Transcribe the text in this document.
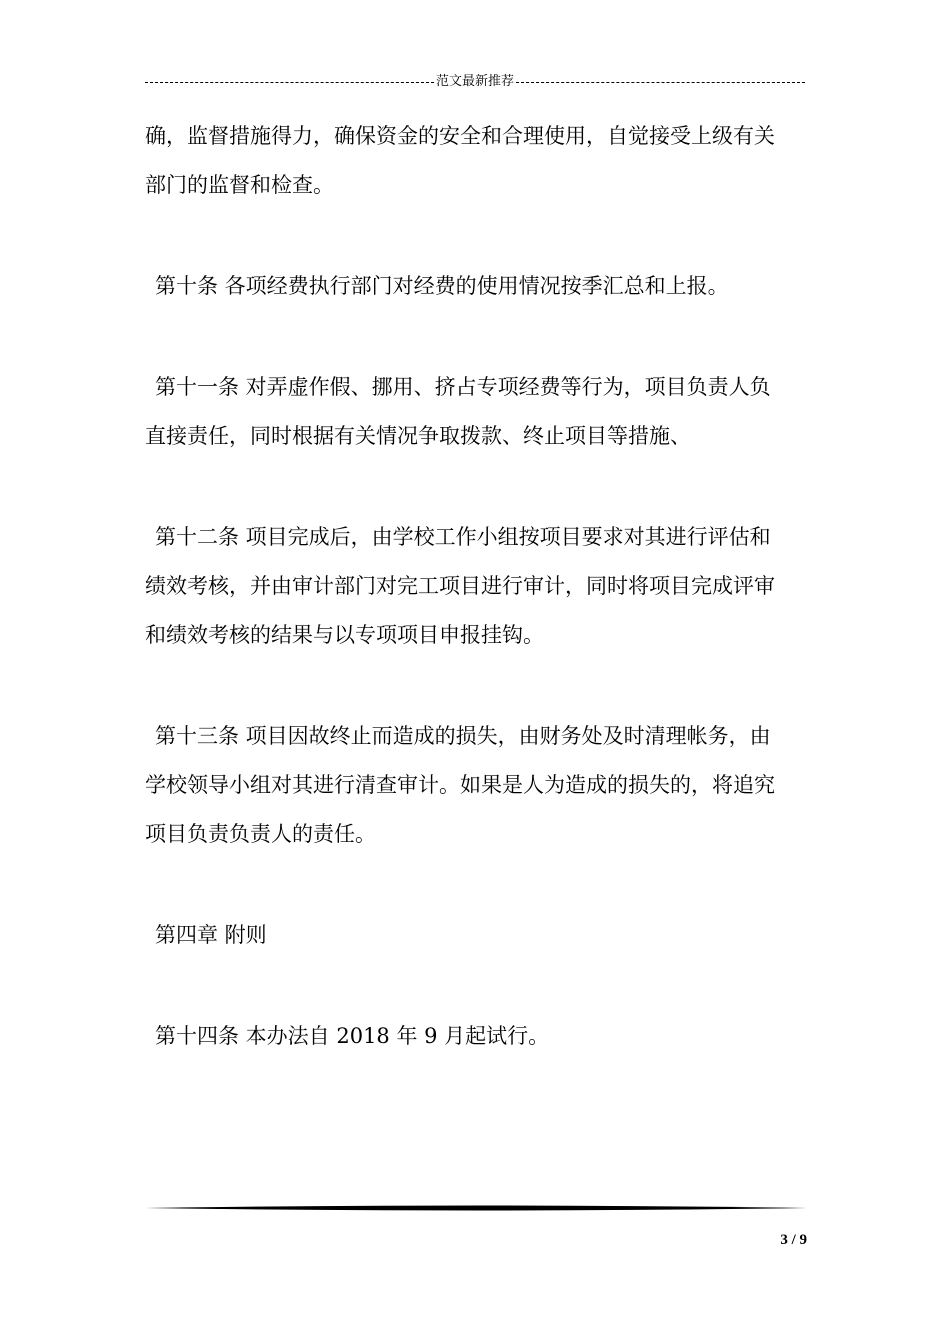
范文最新推荐

确，监督措施得力，确保资金的安全和合理使用，自觉接受上级有关

部门的监督和检查。

第十条 各项经费执行部门对经费的使用情况按季汇总和上报。

第十一条 对弄虚作假、挪用、挤占专项经费等行为，项目负责人负

直接责任，同时根据有关情况争取拨款、终止项目等措施、

第十二条 项目完成后，由学校工作小组按项目要求对其进行评估和

绩效考核，并由审计部门对完工项目进行审计，同时将项目完成评审

和绩效考核的结果与以专项项目申报挂钩。

第十三条 项目因故终止而造成的损失，由财务处及时清理帐务，由

学校领导小组对其进行清查审计。如果是人为造成的损失的，将追究

项目负责负责人的责任。

第四章 附则

第十四条 本办法自 2018 年 9 月起试行。

3 / 9
